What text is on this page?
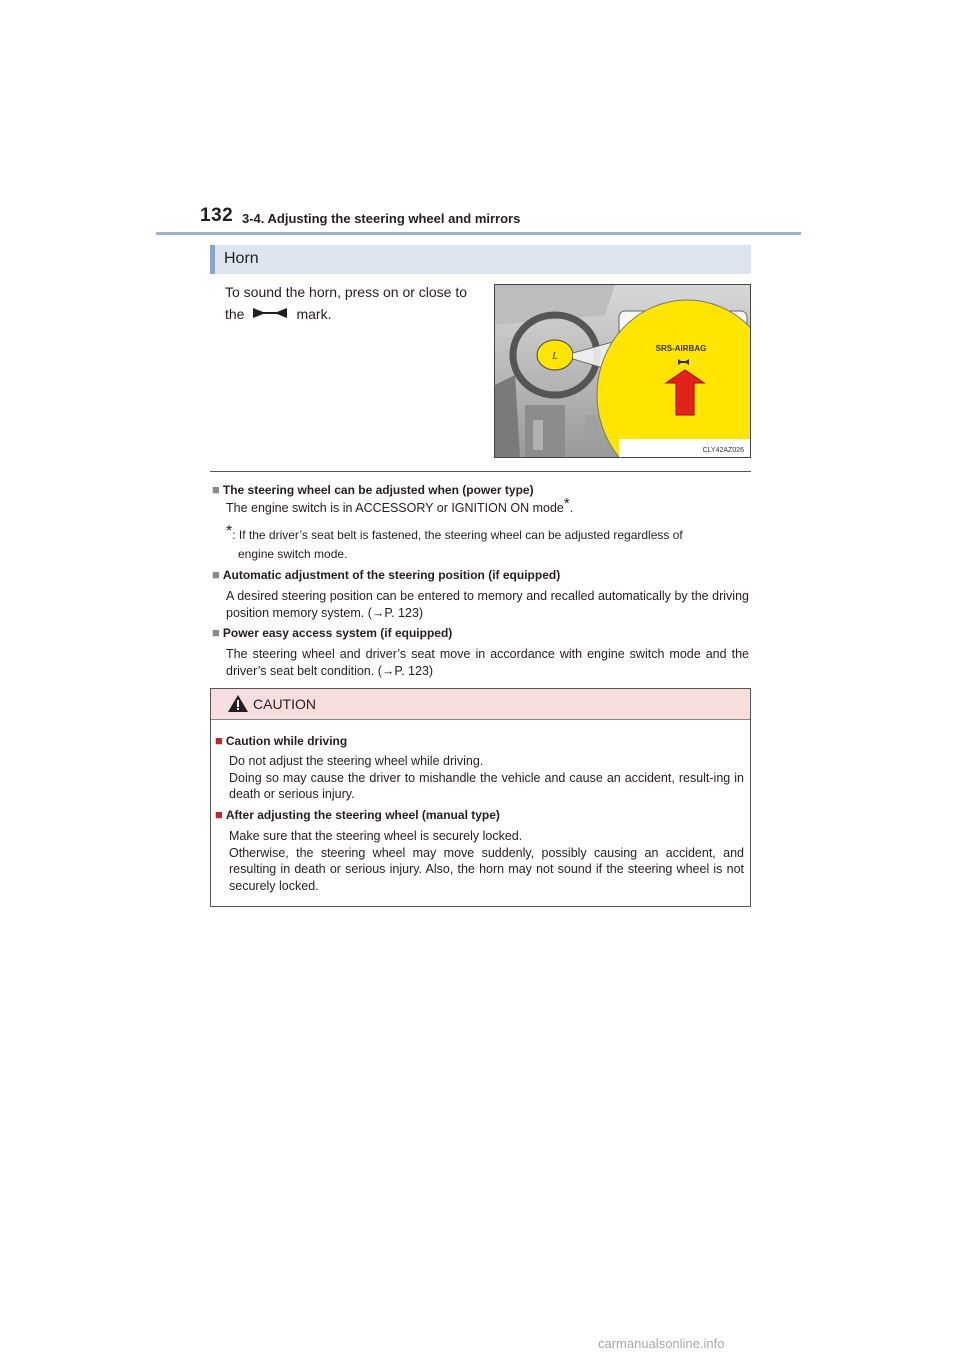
132 3-4. Adjusting the steering wheel and mirrors
Horn
To sound the horn, press on or close to
the	mark.
L
SRS-AIRBAG
CLY42AZ026
■ The steering wheel can be adjusted when (power type)
The engine switch is in ACCESSORY or IGNITION ON mode*.
*: If the driver’s seat belt is fastened, the steering wheel can be adjusted regardless of
engine switch mode.
■ Automatic adjustment of the steering position (if equipped)
A desired steering position can be entered to memory and recalled automatically by the driving position memory system. (→P. 123)
■ Power easy access system (if equipped)
The steering wheel and driver’s seat move in accordance with engine switch mode and the driver’s seat belt condition. (→P. 123)
CAUTION
■ Caution while driving
Do not adjust the steering wheel while driving.
Doing so may cause the driver to mishandle the vehicle and cause an accident, result-ing in death or serious injury.
■ After adjusting the steering wheel (manual type)
Make sure that the steering wheel is securely locked.
Otherwise, the steering wheel may move suddenly, possibly causing an accident, and resulting in death or serious injury. Also, the horn may not sound if the steering wheel is not securely locked.
carmanualsonline.info
